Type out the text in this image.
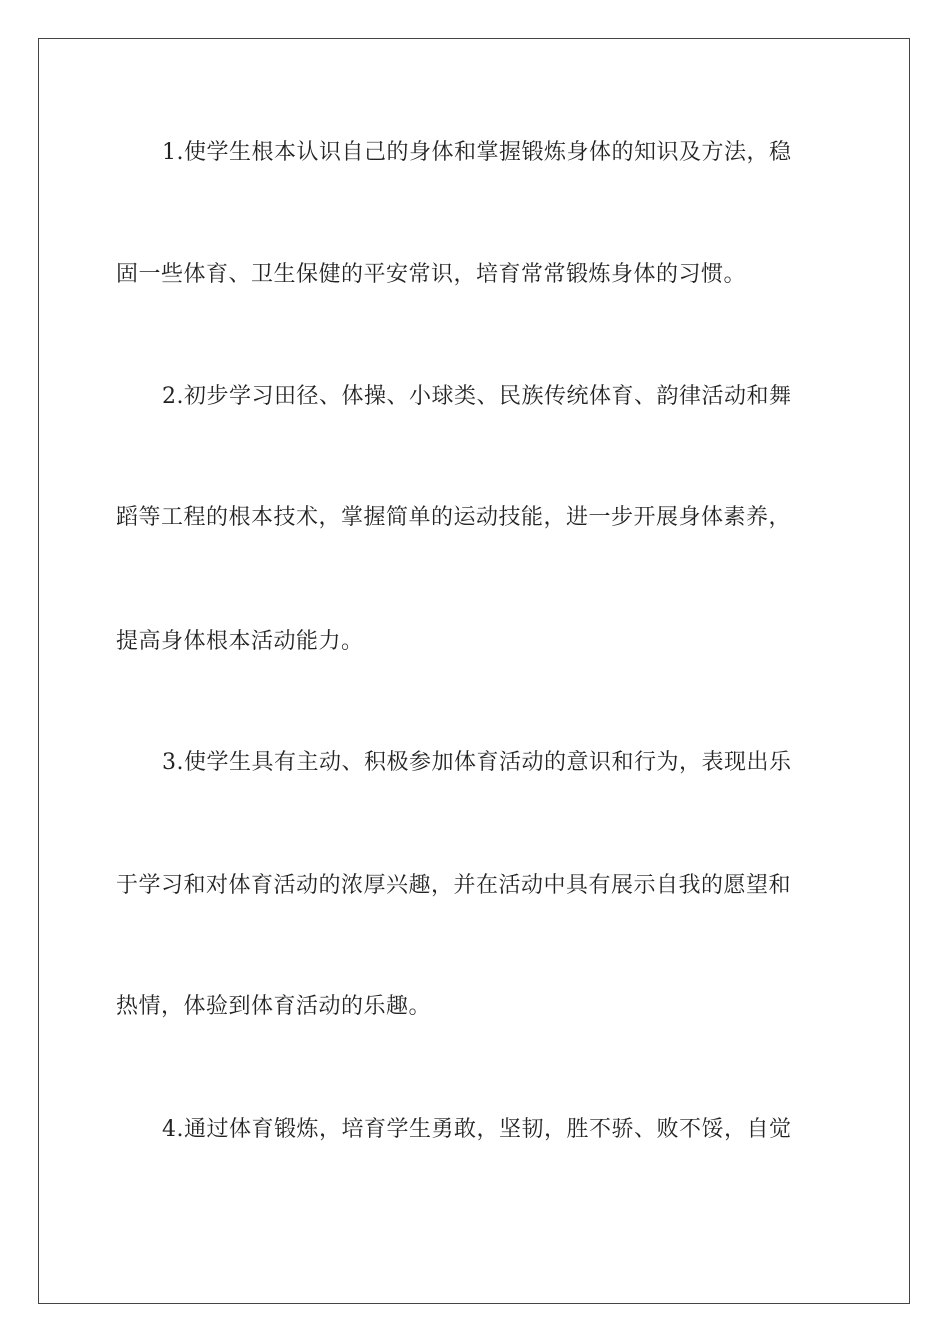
1.使学生根本认识自己的身体和掌握锻炼身体的知识及方法，稳
固一些体育、卫生保健的平安常识，培育常常锻炼身体的习惯。
2.初步学习田径、体操、小球类、民族传统体育、韵律活动和舞
蹈等工程的根本技术，掌握简单的运动技能，进一步开展身体素养，
提高身体根本活动能力。
3.使学生具有主动、积极参加体育活动的意识和行为，表现出乐
于学习和对体育活动的浓厚兴趣，并在活动中具有展示自我的愿望和
热情，体验到体育活动的乐趣。
4.通过体育锻炼，培育学生勇敢，坚韧，胜不骄、败不馁，自觉
